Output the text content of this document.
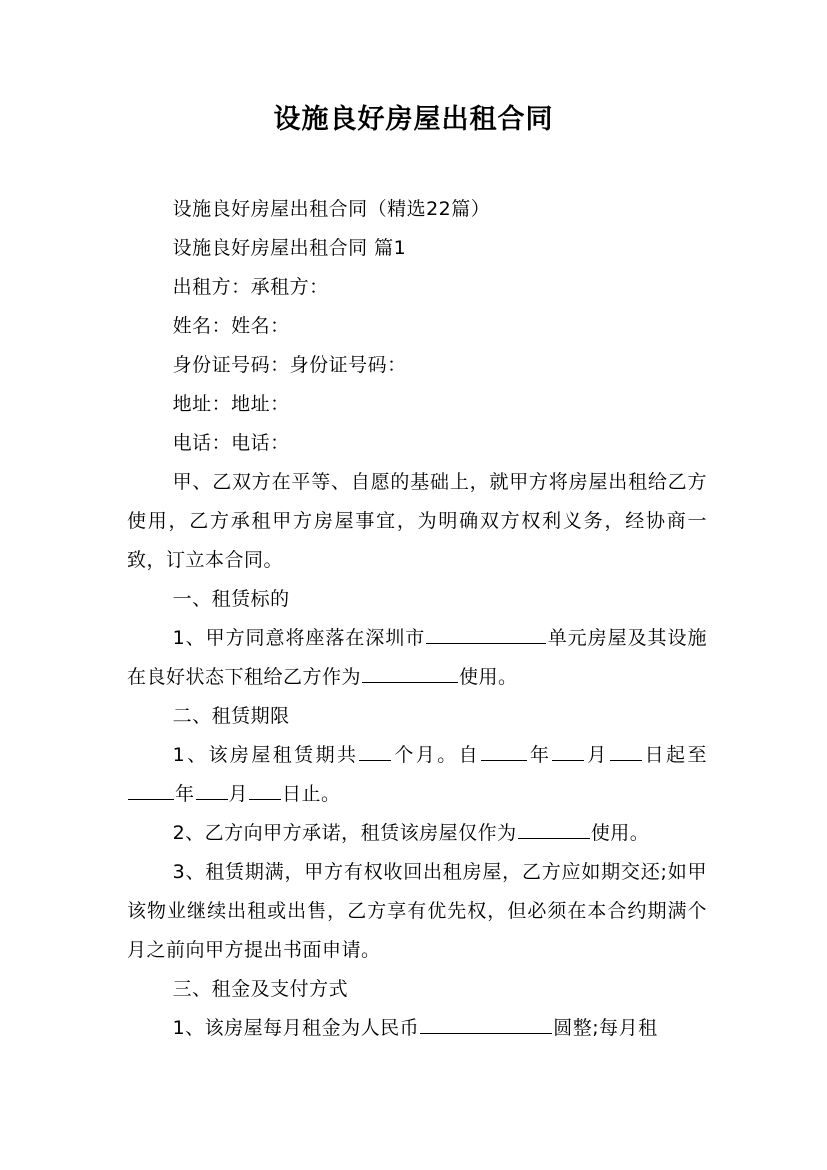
设施良好房屋出租合同

设施良好房屋出租合同（精选22篇）

设施良好房屋出租合同 篇1

出租方：承租方：

姓名：姓名：

身份证号码：身份证号码：

地址：地址：

电话：电话：

甲、乙双方在平等、自愿的基础上，就甲方将房屋出租给乙方使用，乙方承租甲方房屋事宜，为明确双方权利义务，经协商一致，订立本合同。

一、租赁标的

1、甲方同意将座落在深圳市	单元房屋及其设施在良好状态下租给乙方作为	使用。

二、租赁期限

1、该房屋租赁期共 个月。自	年 月 日起至年 月 日止。

2、乙方向甲方承诺，租赁该房屋仅作为	使用。

3、租赁期满，甲方有权收回出租房屋，乙方应如期交还;如甲该物业继续出租或出售，乙方享有优先权，但必须在本合约期满个月之前向甲方提出书面申请。

三、租金及支付方式

1、该房屋每月租金为人民币	圆整;每月租
